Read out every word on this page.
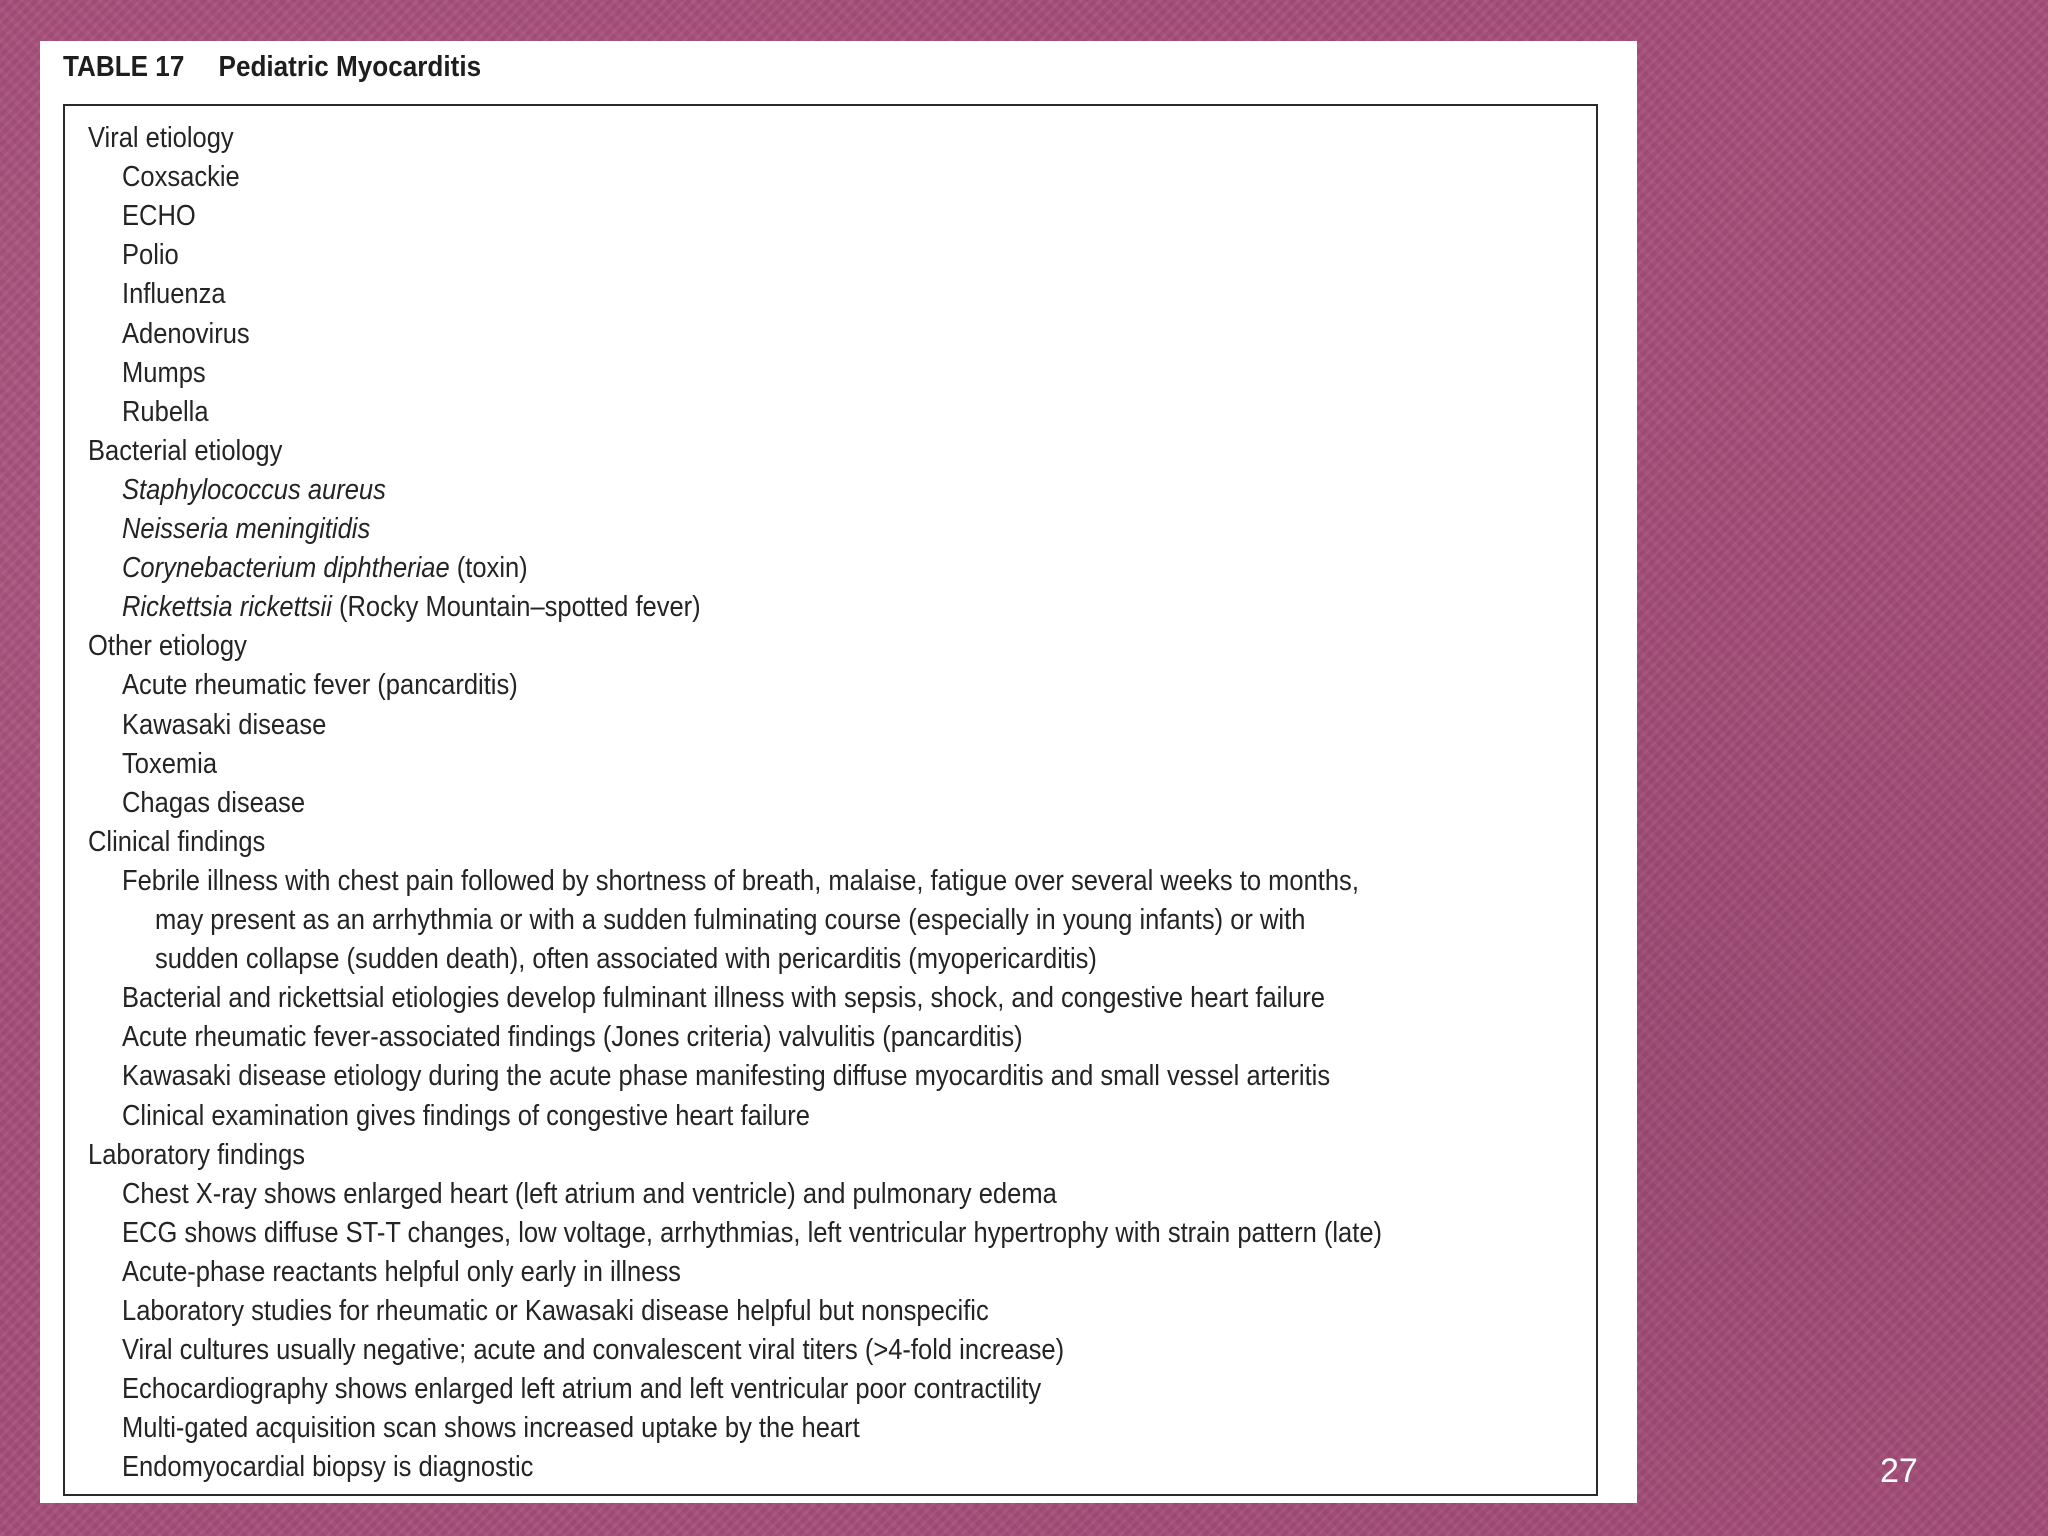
TABLE 17 Pediatric Myocarditis
Viral etiology
Coxsackie
ECHO
Polio
Influenza
Adenovirus
Mumps
Rubella
Bacterial etiology
Staphylococcus aureus
Neisseria meningitidis
Corynebacterium diphtheriae (toxin)
Rickettsia rickettsii (Rocky Mountain–spotted fever)
Other etiology
Acute rheumatic fever (pancarditis)
Kawasaki disease
Toxemia
Chagas disease
Clinical findings
Febrile illness with chest pain followed by shortness of breath, malaise, fatigue over several weeks to months,
may present as an arrhythmia or with a sudden fulminating course (especially in young infants) or with
sudden collapse (sudden death), often associated with pericarditis (myopericarditis)
Bacterial and rickettsial etiologies develop fulminant illness with sepsis, shock, and congestive heart failure
Acute rheumatic fever-associated findings (Jones criteria) valvulitis (pancarditis)
Kawasaki disease etiology during the acute phase manifesting diffuse myocarditis and small vessel arteritis
Clinical examination gives findings of congestive heart failure
Laboratory findings
Chest X-ray shows enlarged heart (left atrium and ventricle) and pulmonary edema
ECG shows diffuse ST-T changes, low voltage, arrhythmias, left ventricular hypertrophy with strain pattern (late)
Acute-phase reactants helpful only early in illness
Laboratory studies for rheumatic or Kawasaki disease helpful but nonspecific
Viral cultures usually negative; acute and convalescent viral titers (>4-fold increase)
Echocardiography shows enlarged left atrium and left ventricular poor contractility
Multi-gated acquisition scan shows increased uptake by the heart
Endomyocardial biopsy is diagnostic	27
